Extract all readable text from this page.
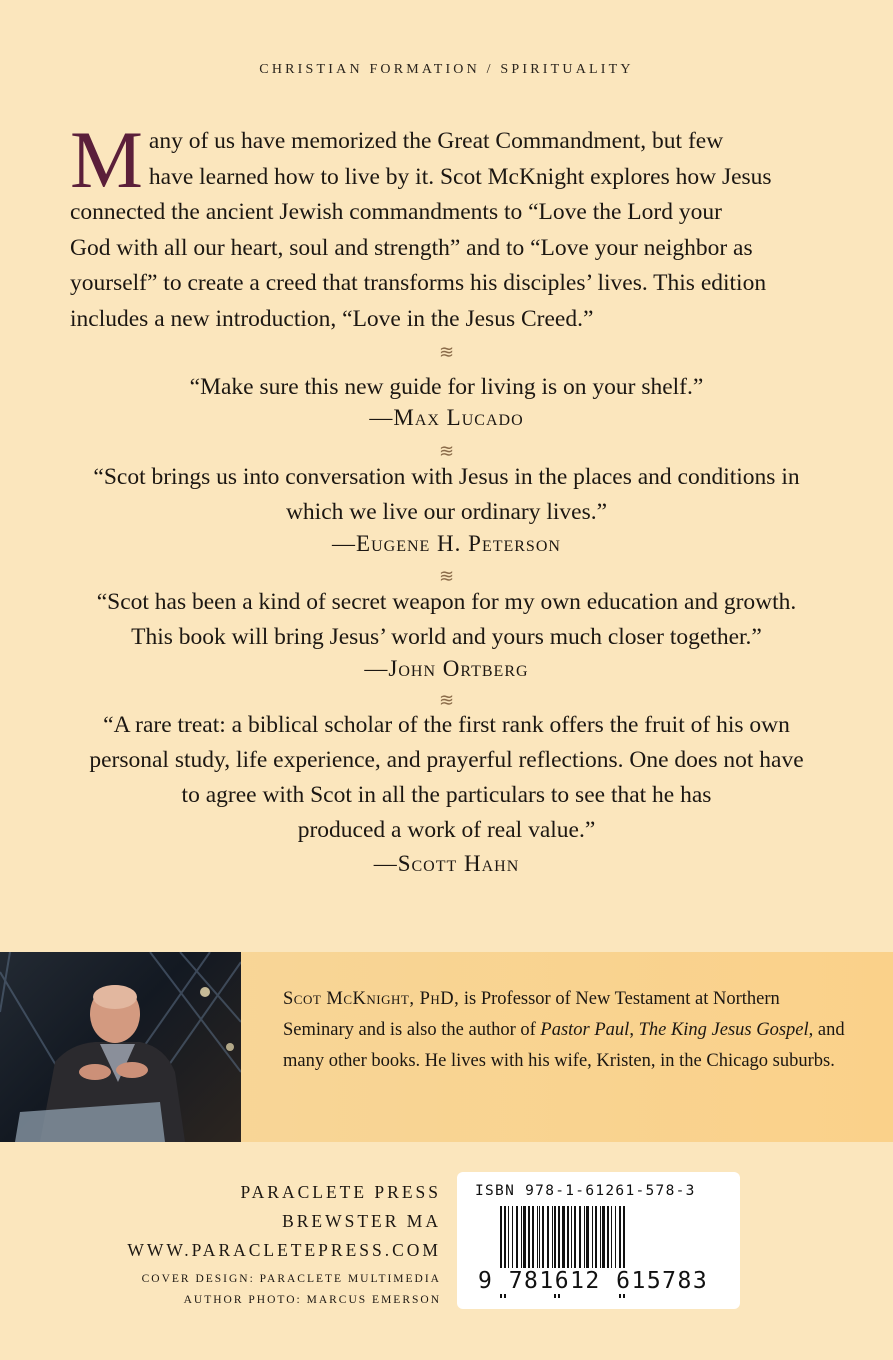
CHRISTIAN FORMATION / SPIRITUALITY
M any of us have memorized the Great Commandment, but few
have learned how to live by it. Scot McKnight explores how Jesus
connected the ancient Jewish commandments to “Love the Lord your
God with all our heart, soul and strength” and to “Love your neighbor as
yourself” to create a creed that transforms his disciples’ lives. This edition
includes a new introduction, “Love in the Jesus Creed.”
≋
“Make sure this new guide for living is on your shelf.”
—Max Lucado
≋
“Scot brings us into conversation with Jesus in the places and conditions in
which we live our ordinary lives.”
—Eugene H. Peterson
≋
“Scot has been a kind of secret weapon for my own education and growth.
This book will bring Jesus’ world and yours much closer together.”
—John Ortberg
≋
“A rare treat: a biblical scholar of the first rank offers the fruit of his own
personal study, life experience, and prayerful reflections. One does not have
to agree with Scot in all the particulars to see that he has
produced a work of real value.”
—Scott Hahn
Scot McKnight, PhD, is Professor of New Testament at Northern Seminary and is also the author of Pastor Paul, The King Jesus Gospel, and many other books. He lives with his wife, Kristen, in the Chicago suburbs.
PARACLETE PRESS
BREWSTER MA
WWW.PARACLETEPRESS.COM
COVER DESIGN: PARACLETE MULTIMEDIA
AUTHOR PHOTO: MARCUS EMERSON
ISBN 978-1-61261-578-3
9 781612 615783
